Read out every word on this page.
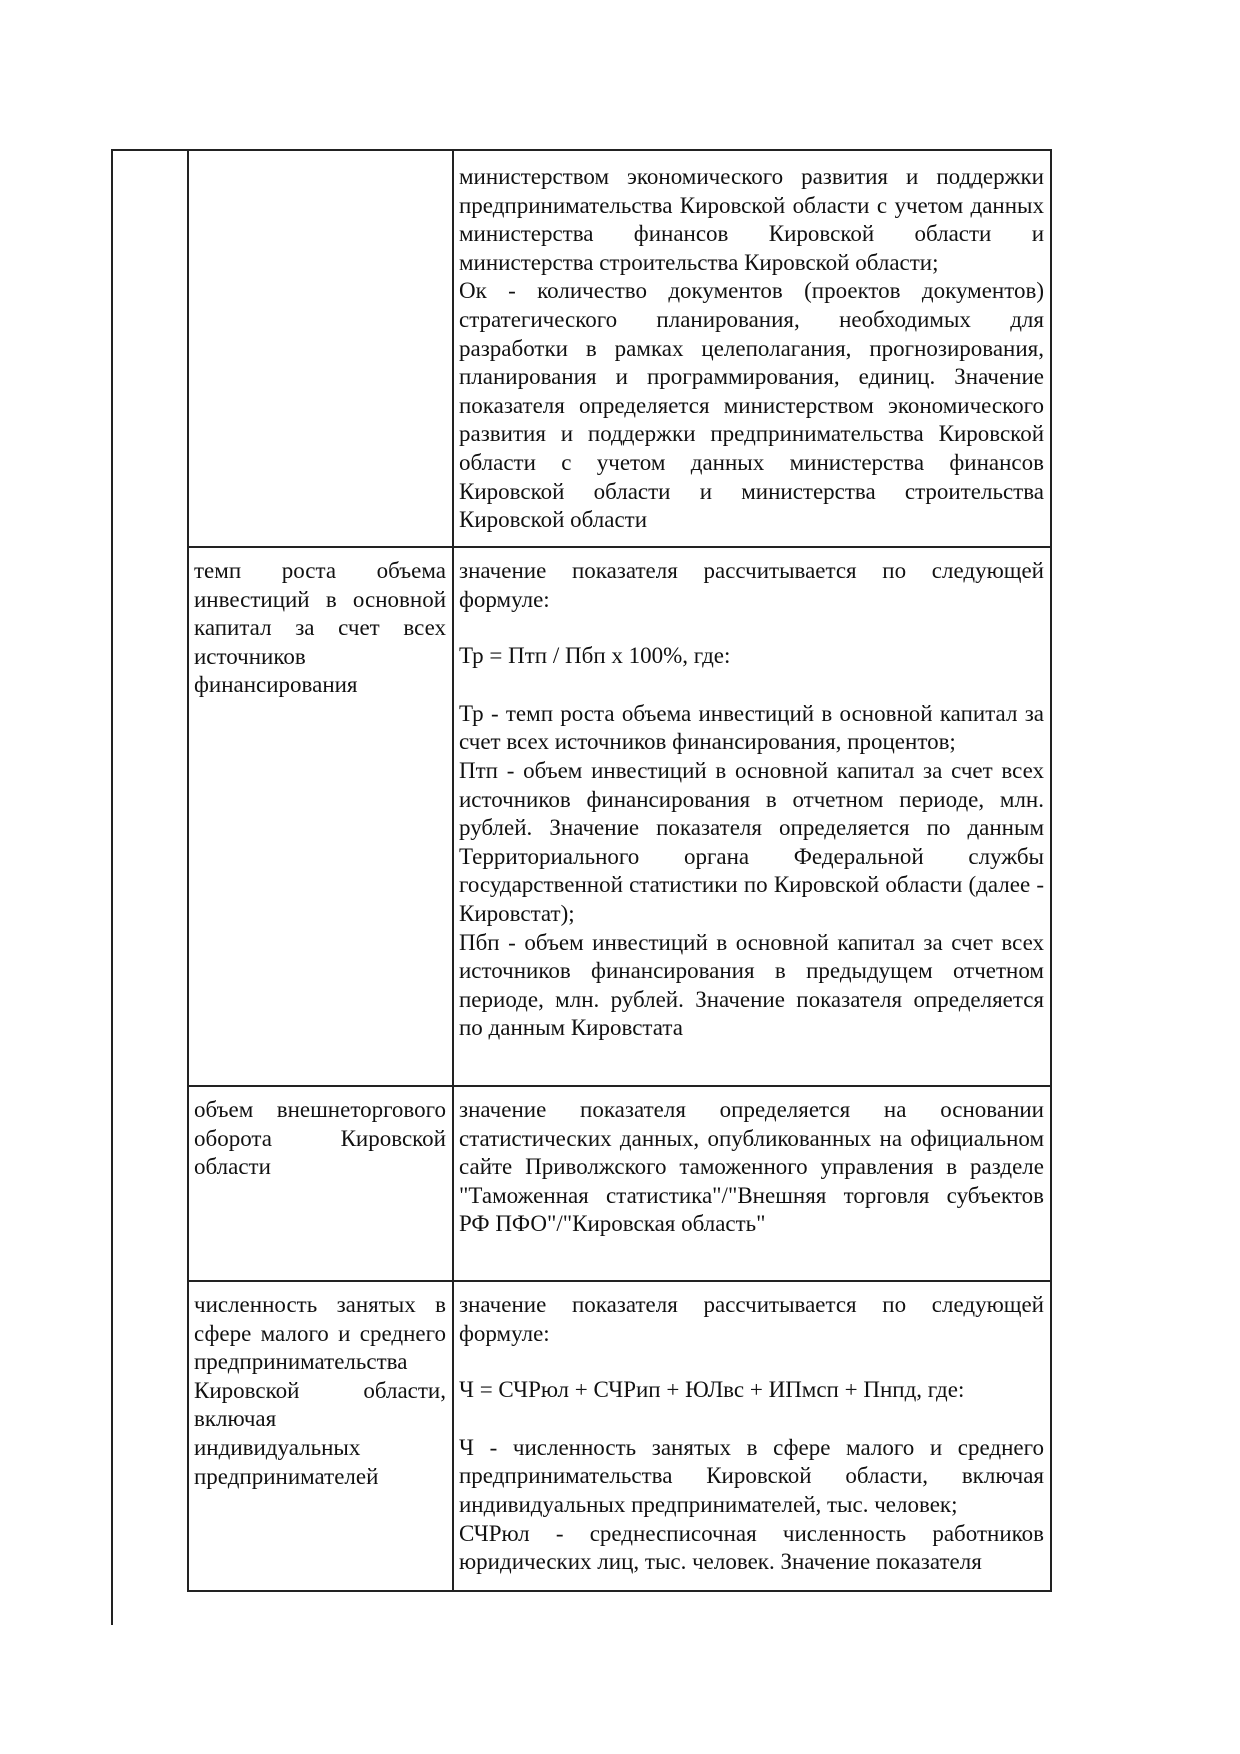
министерством экономического развития и поддержки предпринимательства Кировской области с учетом данных министерства финансов Кировской области и министерства строительства Кировской области;
Ок - количество документов (проектов документов) стратегического планирования, необходимых для разработки в рамках целеполагания, прогнозирования, планирования и программирования, единиц. Значение показателя определяется министерством экономического развития и поддержки предпринимательства Кировской области с учетом данных министерства финансов Кировской области и министерства строительства Кировской области
темп роста объема инвестиций в основной капитал за счет всех источников финансирования
значение показателя рассчитывается по следующей формуле:
Тр = Птп / Пбп x 100%, где:
Тр - темп роста объема инвестиций в основной капитал за счет всех источников финансирования, процентов;
Птп - объем инвестиций в основной капитал за счет всех источников финансирования в отчетном периоде, млн. рублей. Значение показателя определяется по данным Территориального органа Федеральной службы государственной статистики по Кировской области (далее - Кировстат);
Пбп - объем инвестиций в основной капитал за счет всех источников финансирования в предыдущем отчетном периоде, млн. рублей. Значение показателя определяется по данным Кировстата
объем внешнеторгового оборота Кировской области
значение показателя определяется на основании статистических данных, опубликованных на официальном сайте Приволжского таможенного управления в разделе "Таможенная статистика"/"Внешняя торговля субъектов РФ ПФО"/"Кировская область"
численность занятых в сфере малого и среднего предпринимательства Кировской области, включая индивидуальных предпринимателей
значение показателя рассчитывается по следующей формуле:
Ч = СЧРюл + СЧРип + ЮЛвс + ИПмсп + Пнпд, где:
Ч - численность занятых в сфере малого и среднего предпринимательства Кировской области, включая индивидуальных предпринимателей, тыс. человек;
СЧРюл - среднесписочная численность работников юридических лиц, тыс. человек. Значение показателя
